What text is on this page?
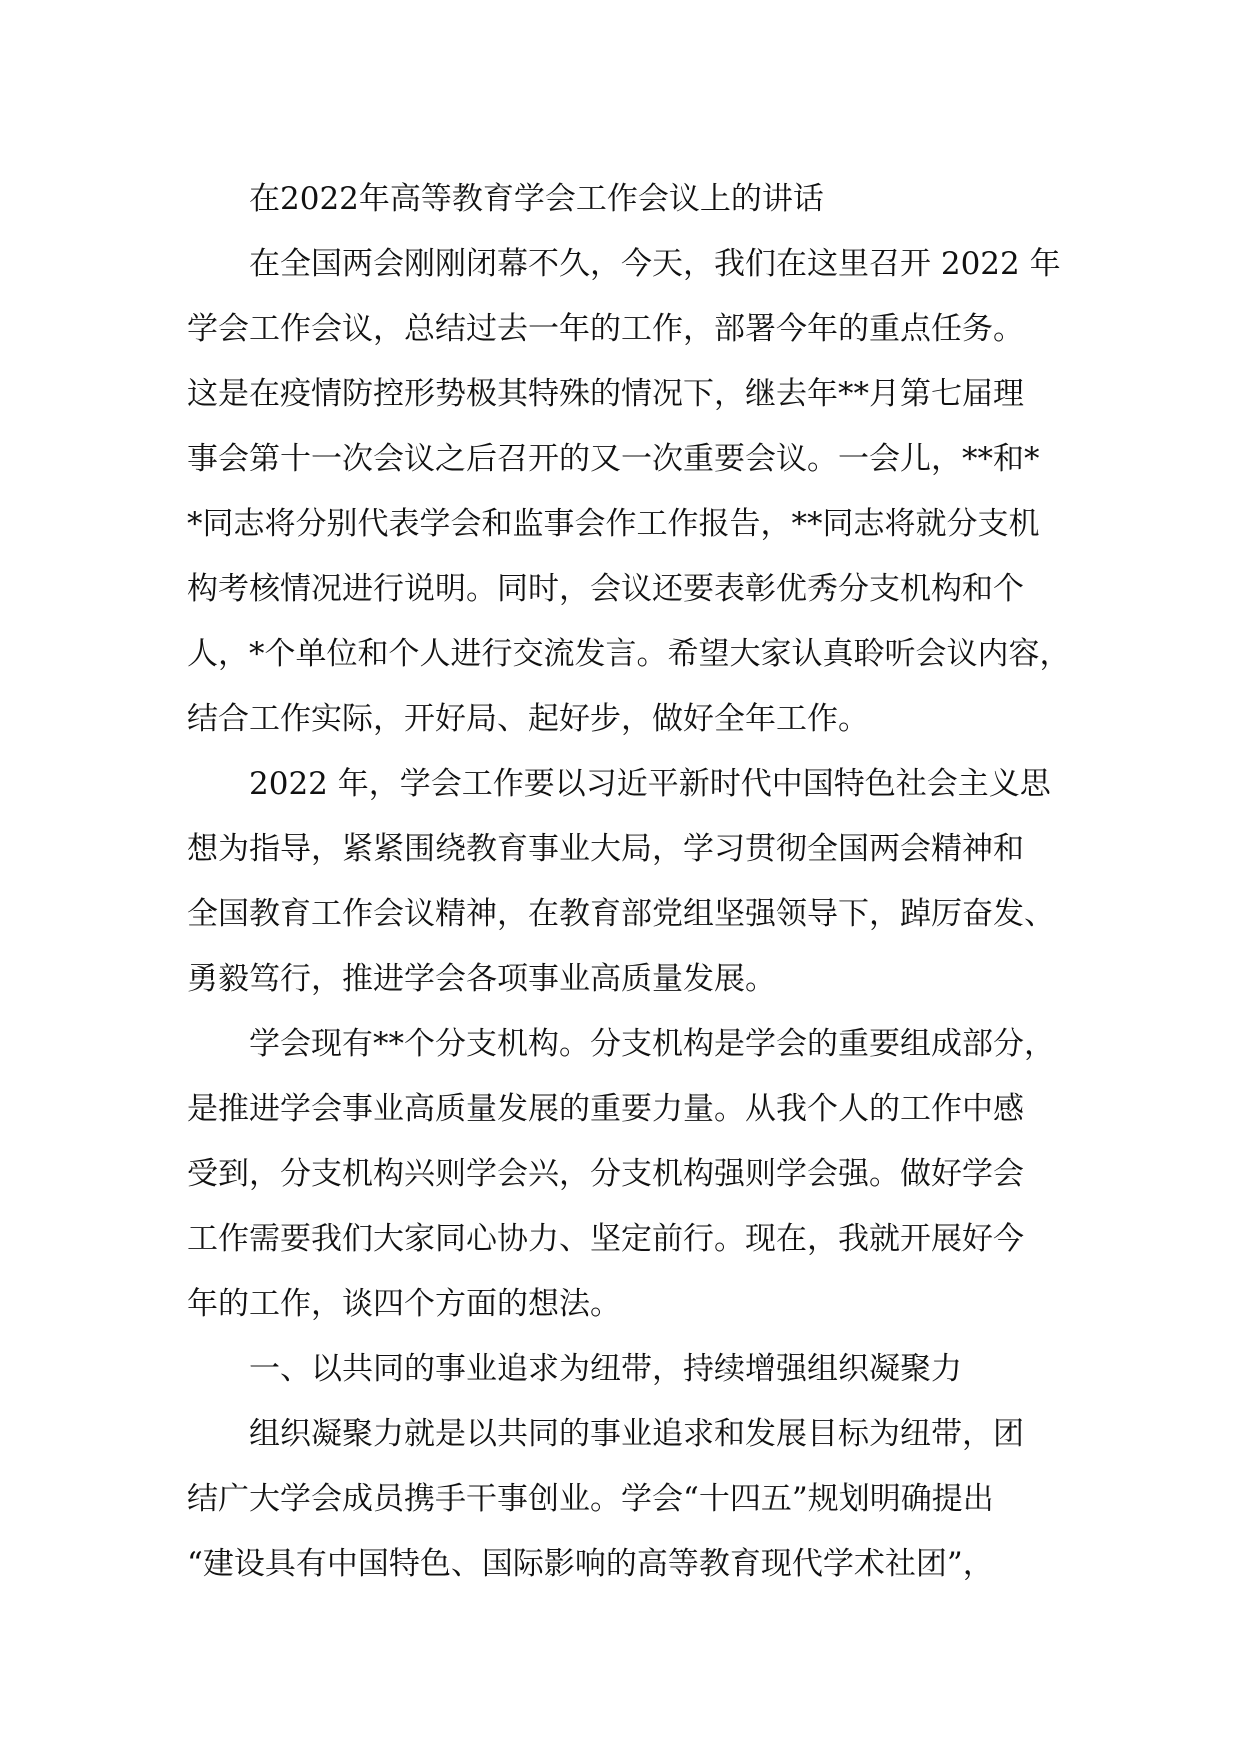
在2022年高等教育学会工作会议上的讲话
在全国两会刚刚闭幕不久，今天，我们在这里召开 2022 年
学会工作会议，总结过去一年的工作，部署今年的重点任务。
这是在疫情防控形势极其特殊的情况下，继去年**月第七届理
事会第十一次会议之后召开的又一次重要会议。一会儿，**和*
*同志将分别代表学会和监事会作工作报告，**同志将就分支机
构考核情况进行说明。同时，会议还要表彰优秀分支机构和个
人，*个单位和个人进行交流发言。希望大家认真聆听会议内容，
结合工作实际，开好局、起好步，做好全年工作。
2022 年，学会工作要以习近平新时代中国特色社会主义思
想为指导，紧紧围绕教育事业大局，学习贯彻全国两会精神和
全国教育工作会议精神，在教育部党组坚强领导下，踔厉奋发、
勇毅笃行，推进学会各项事业高质量发展。
学会现有**个分支机构。分支机构是学会的重要组成部分，
是推进学会事业高质量发展的重要力量。从我个人的工作中感
受到，分支机构兴则学会兴，分支机构强则学会强。做好学会
工作需要我们大家同心协力、坚定前行。现在，我就开展好今
年的工作，谈四个方面的想法。
一、以共同的事业追求为纽带，持续增强组织凝聚力
组织凝聚力就是以共同的事业追求和发展目标为纽带，团
结广大学会成员携手干事创业。学会“十四五”规划明确提出
“建设具有中国特色、国际影响的高等教育现代学术社团”，
